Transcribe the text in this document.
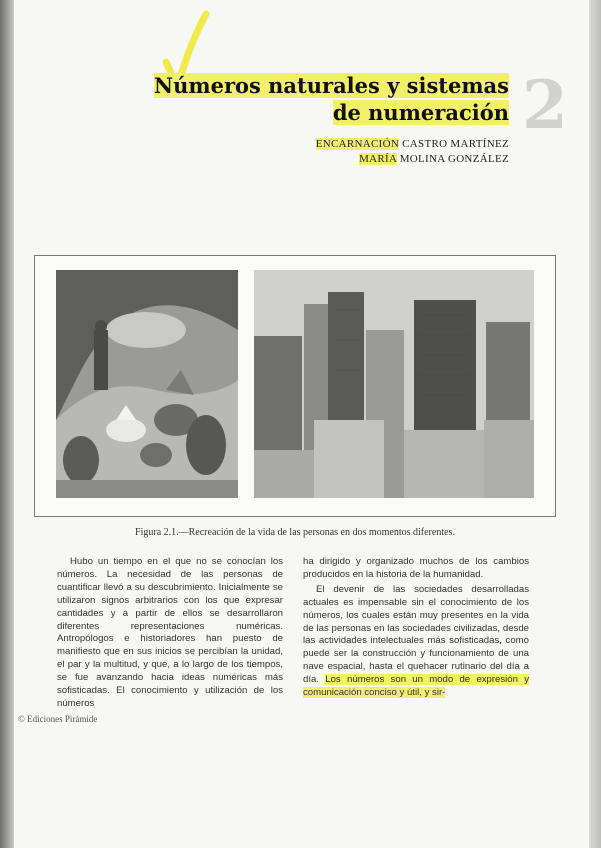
Números naturales y sistemas
de numeración 2
ENCARNACIÓN CASTRO MARTÍNEZ
MARÍA MOLINA GONZÁLEZ
Figura 2.1.—Recreación de la vida de las personas en dos momentos diferentes.

Hubo un tiempo en el que no se conocían los números. La necesidad de las personas de cuantificar llevó a su descubrimiento. Inicialmente se utilizaron signos arbitrarios con los que expresar cantidades y a partir de ellos se desarrollaron diferentes representaciones numéricas. Antropólogos e historiadores han puesto de manifiesto que en sus inicios se percibían la unidad, el par y la multitud, y que, a lo largo de los tiempos, se fue avanzando hacia ideas numéricas más sofisticadas. El conocimiento y utilización de los números

ha dirigido y organizado muchos de los cambios producidos en la historia de la humanidad.

El devenir de las sociedades desarrolladas actuales es impensable sin el conocimiento de los números, los cuales están muy presentes en la vida de las personas en las sociedades civilizadas, desde las actividades intelectuales más sofisticadas, como puede ser la construcción y funcionamiento de una nave espacial, hasta el quehacer rutinario del día a día. Los números son un modo de expresión y comunicación conciso y útil, y sir-

© Ediciones Pirámide
